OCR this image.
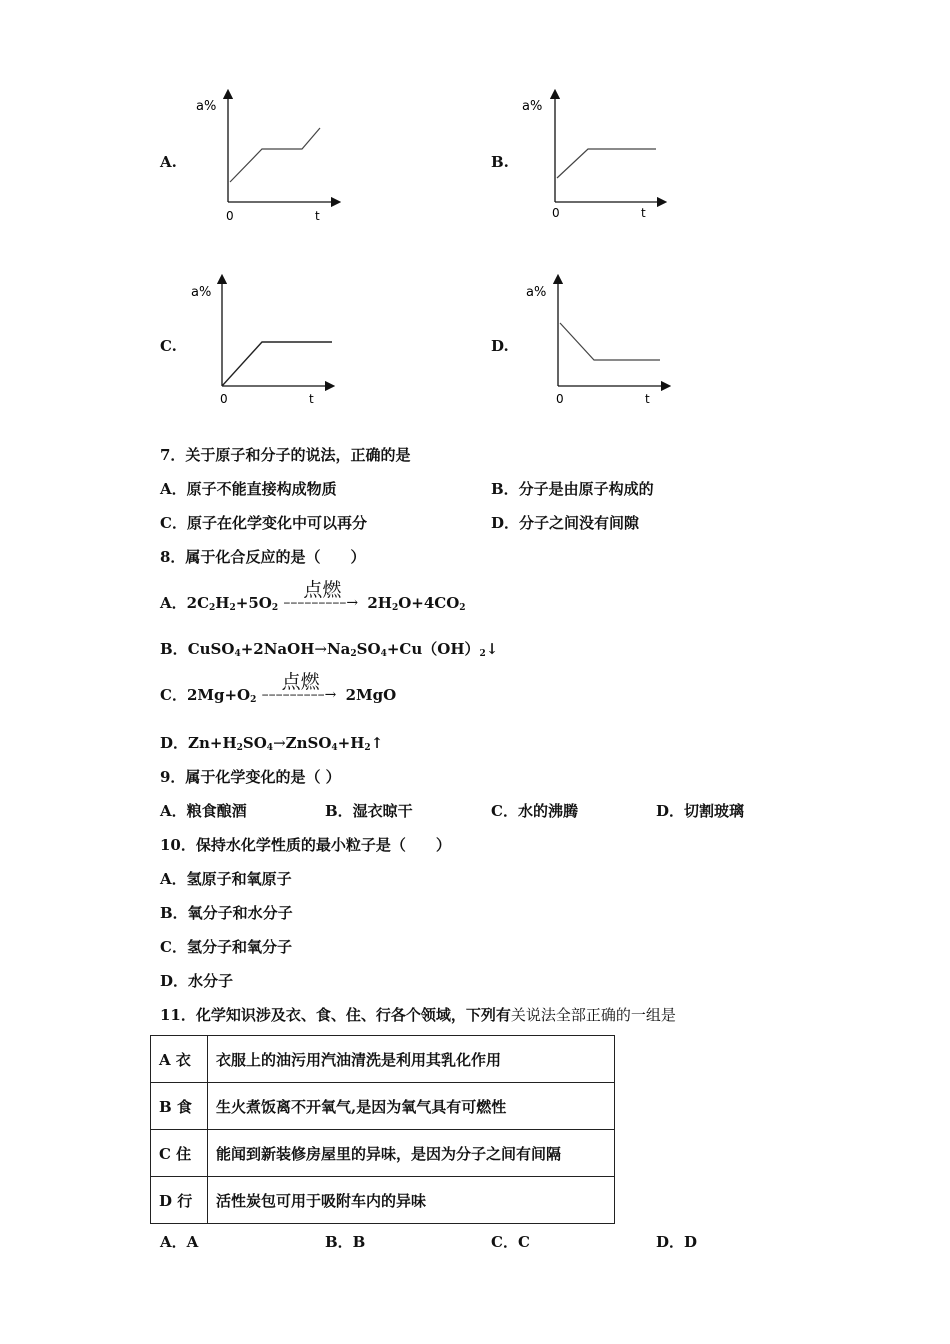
A.	B.
C.	D.
a%
0	t
a%
0	t
a%
0	t
a%
0	t
7．关于原子和分子的说法，正确的是
A．原子不能直接构成物质	B．分子是由原子构成的
C．原子在化学变化中可以再分	D．分子之间没有间隙
8．属于化合反应的是（　　）
A．$2C_2H_2+5O_2$
点燃
–––––––––→ $2H_2O+4CO_2$
B．$CuSO_4+2NaOH\to Na_2SO_4+Cu(OH)_2↓$
C．$2Mg+O_2$
点燃
–––––––––→ 2MgO
D．$Zn+H_2SO_4\to ZnSO_4+H_2↑$
9．属于化学变化的是（ ）
A．粮食酿酒	B．湿衣晾干	C．水的沸腾	D．切割玻璃
10．保持水化学性质的最小粒子是（　　）
A．氢原子和氧原子
B．氧分子和水分子
C．氢分子和氧分子
D．水分子
11．化学知识涉及衣、食、住、行各个领域，下列有关说法全部正确的一组是
A 衣	衣服上的油污用汽油清洗是利用其乳化作用
B 食	生火煮饭离不开氧气,是因为氧气具有可燃性
C 住	能闻到新装修房屋里的异味，是因为分子之间有间隔
D 行	活性炭包可用于吸附车内的异味
A．A	B．B	C．C	D．D
